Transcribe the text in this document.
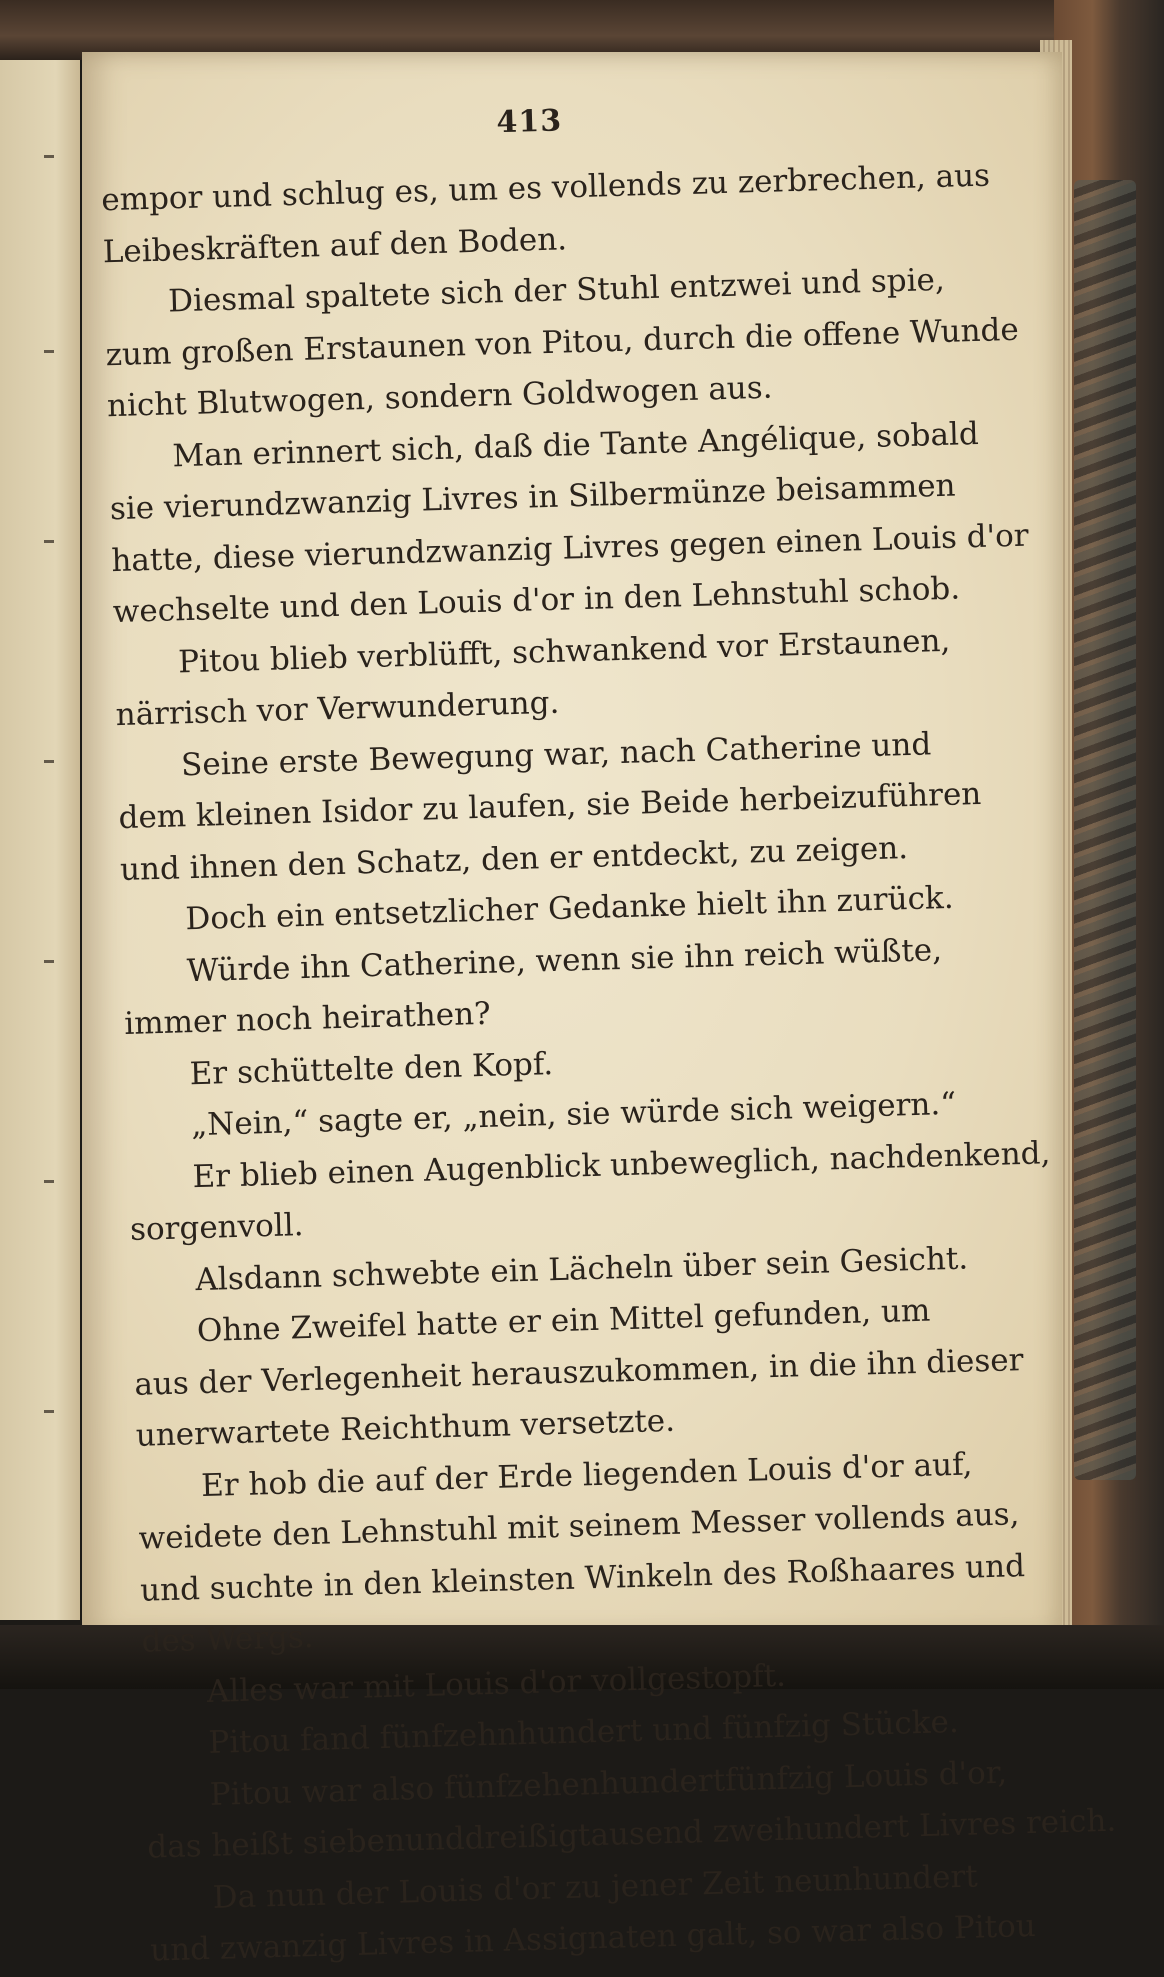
413
empor und schlug es, um es vollends zu zerbrechen, aus
Leibeskräften auf den Boden.
Diesmal spaltete sich der Stuhl entzwei und spie,
zum großen Erstaunen von Pitou, durch die offene Wunde
nicht Blutwogen, sondern Goldwogen aus.
Man erinnert sich, daß die Tante Angélique, sobald
sie vierundzwanzig Livres in Silbermünze beisammen
hatte, diese vierundzwanzig Livres gegen einen Louis d'or
wechselte und den Louis d'or in den Lehnstuhl schob.
Pitou blieb verblüfft, schwankend vor Erstaunen,
närrisch vor Verwunderung.
Seine erste Bewegung war, nach Catherine und
dem kleinen Isidor zu laufen, sie Beide herbeizuführen
und ihnen den Schatz, den er entdeckt, zu zeigen.
Doch ein entsetzlicher Gedanke hielt ihn zurück.
Würde ihn Catherine, wenn sie ihn reich wüßte,
immer noch heirathen?
Er schüttelte den Kopf.
„Nein,“ sagte er, „nein, sie würde sich weigern.“
Er blieb einen Augenblick unbeweglich, nachdenkend,
sorgenvoll.
Alsdann schwebte ein Lächeln über sein Gesicht.
Ohne Zweifel hatte er ein Mittel gefunden, um
aus der Verlegenheit herauszukommen, in die ihn dieser
unerwartete Reichthum versetzte.
Er hob die auf der Erde liegenden Louis d'or auf,
weidete den Lehnstuhl mit seinem Messer vollends aus,
und suchte in den kleinsten Winkeln des Roßhaares und
des Wergs.
Alles war mit Louis d'or vollgestopft.
Pitou fand fünfzehnhundert und fünfzig Stücke.
Pitou war also fünfzehenhundertfünfzig Louis d'or,
das heißt siebenunddreißigtausend zweihundert Livres reich.
Da nun der Louis d'or zu jener Zeit neunhundert
und zwanzig Livres in Assignaten galt, so war also Pitou
